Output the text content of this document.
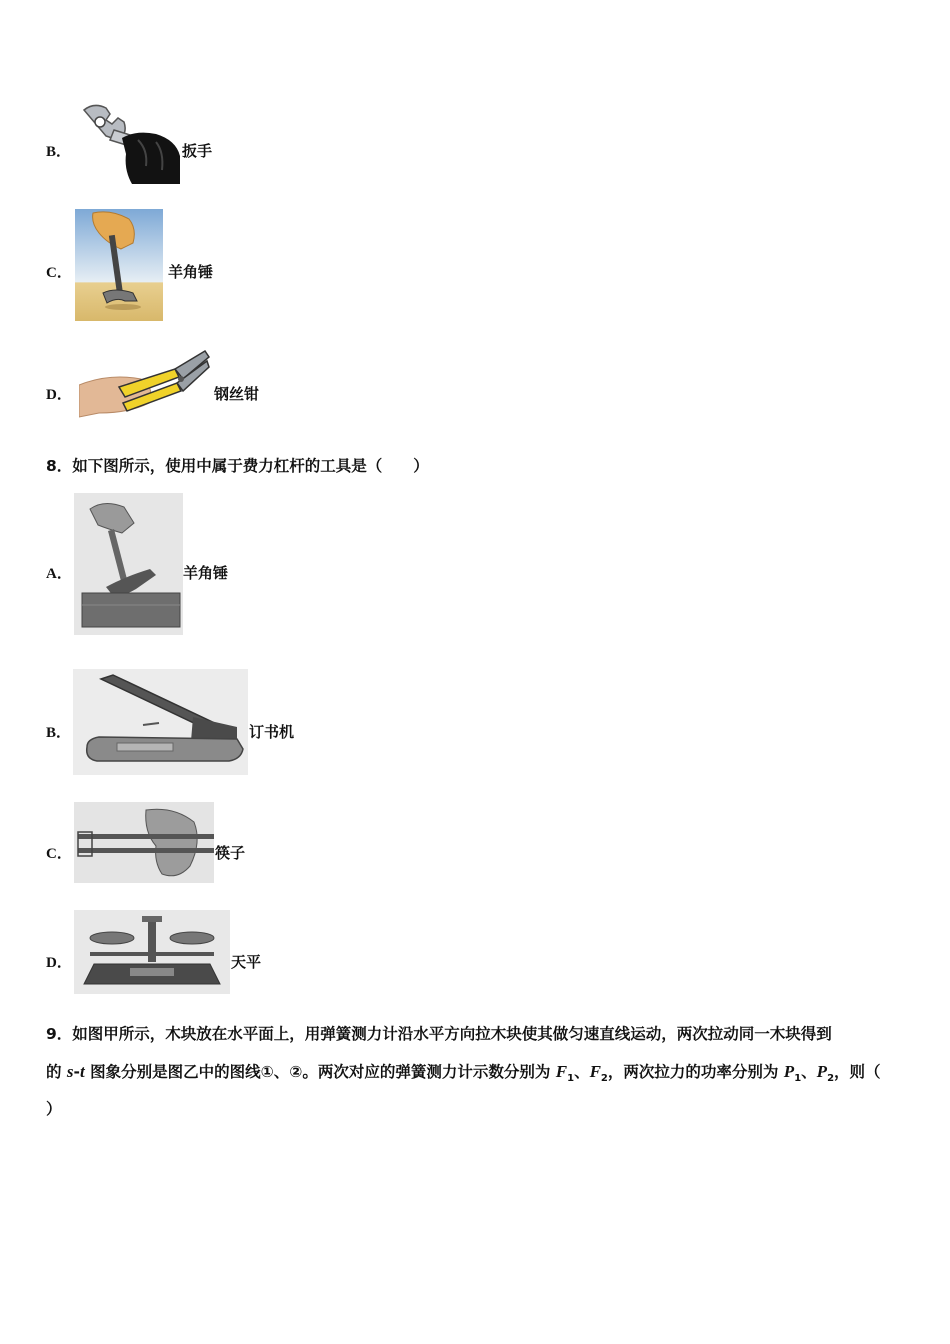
B．	扳手
C．	羊角锤
D．	钢丝钳
8．如下图所示，使用中属于费力杠杆的工具是（　　）
A．	羊角锤
B．	订书机
C．	筷子
D．	天平
9．如图甲所示，木块放在水平面上，用弹簧测力计沿水平方向拉木块使其做匀速直线运动，两次拉动同一木块得到
的 s-t 图象分别是图乙中的图线①、②。两次对应的弹簧测力计示数分别为 $F_1$、$F_2$，两次拉力的功率分别为 $P_1$、$P_2$，则（
）
